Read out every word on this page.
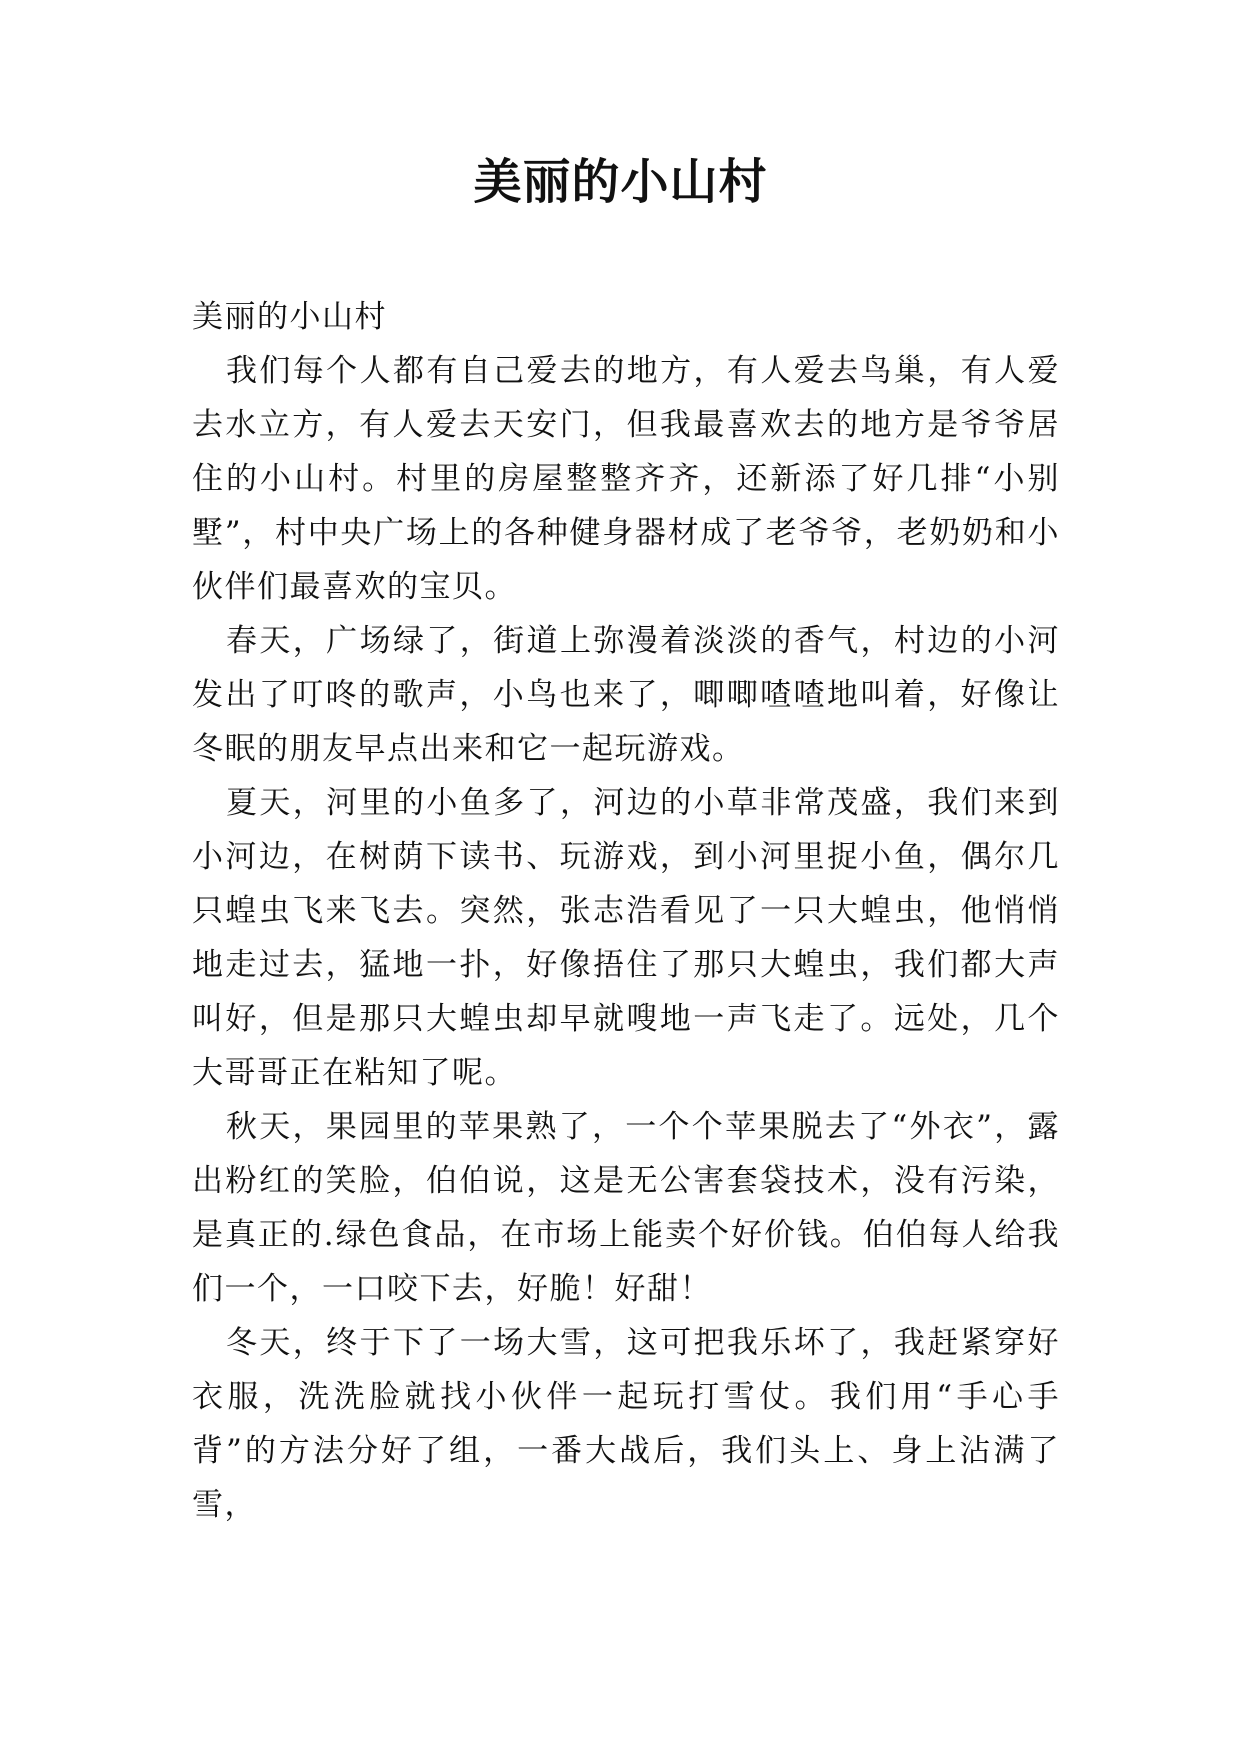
美丽的小山村

美丽的小山村

我们每个人都有自己爱去的地方，有人爱去鸟巢，有人爱去水立方，有人爱去天安门，但我最喜欢去的地方是爷爷居住的小山村。村里的房屋整整齐齐，还新添了好几排“小别墅”，村中央广场上的各种健身器材成了老爷爷，老奶奶和小伙伴们最喜欢的宝贝。

春天，广场绿了，街道上弥漫着淡淡的香气，村边的小河发出了叮咚的歌声，小鸟也来了，唧唧喳喳地叫着，好像让冬眠的朋友早点出来和它一起玩游戏。

夏天，河里的小鱼多了，河边的小草非常茂盛，我们来到小河边，在树荫下读书、玩游戏，到小河里捉小鱼，偶尔几只蝗虫飞来飞去。突然，张志浩看见了一只大蝗虫，他悄悄地走过去，猛地一扑，好像捂住了那只大蝗虫，我们都大声叫好，但是那只大蝗虫却早就嗖地一声飞走了。远处，几个大哥哥正在粘知了呢。

秋天，果园里的苹果熟了，一个个苹果脱去了“外衣”，露出粉红的笑脸，伯伯说，这是无公害套袋技术，没有污染，是真正的.绿色食品，在市场上能卖个好价钱。伯伯每人给我们一个，一口咬下去，好脆！好甜！

冬天，终于下了一场大雪，这可把我乐坏了，我赶紧穿好衣服，洗洗脸就找小伙伴一起玩打雪仗。我们用“手心手背”的方法分好了组，一番大战后，我们头上、身上沾满了雪，
